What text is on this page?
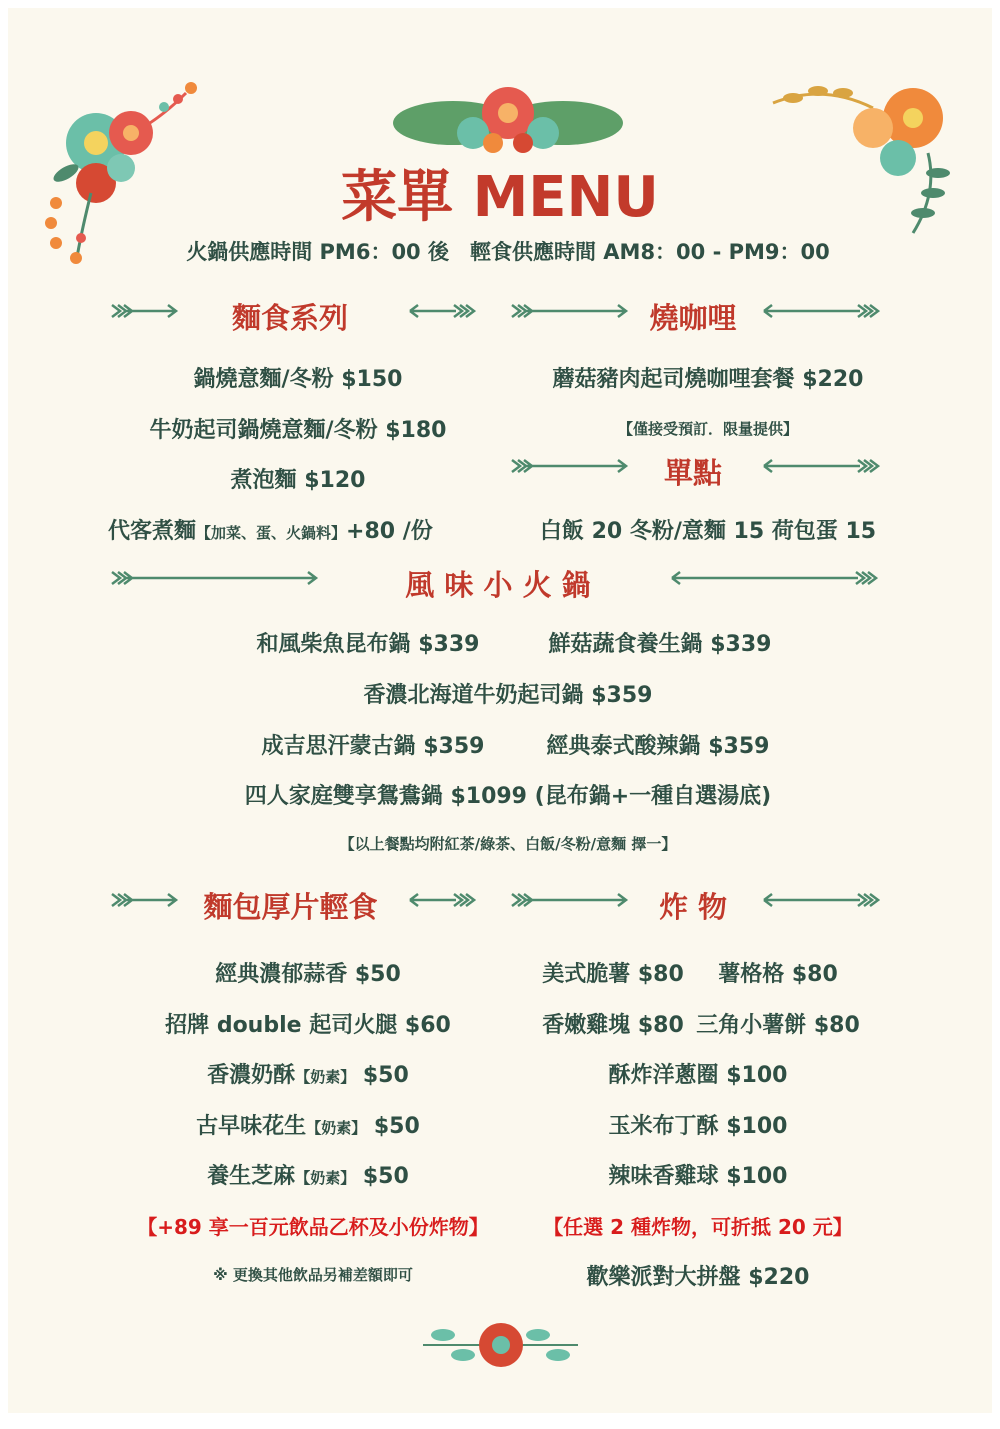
菜單 MENU
火鍋供應時間 PM6：00 後　輕食供應時間 AM8：00 - PM9：00
麵食系列	燒咖哩
鍋燒意麵/冬粉 $150
牛奶起司鍋燒意麵/冬粉 $180
煮泡麵 $120
代客煮麵【加菜、蛋、火鍋料】+80 /份
蘑菇豬肉起司燒咖哩套餐 $220
【僅接受預訂．限量提供】
單點
白飯 20 冬粉/意麵 15 荷包蛋 15
風 味 小 火 鍋
和風柴魚昆布鍋 $339	鮮菇蔬食養生鍋 $339
香濃北海道牛奶起司鍋 $359
成吉思汗蒙古鍋 $359	經典泰式酸辣鍋 $359
四人家庭雙享鴛鴦鍋 $1099 (昆布鍋+一種自選湯底)
【以上餐點均附紅茶/綠茶、白飯/冬粉/意麵 擇一】
麵包厚片輕食	炸 物
經典濃郁蒜香 $50
招牌 double 起司火腿 $60
香濃奶酥【奶素】 $50
古早味花生【奶素】 $50
養生芝麻【奶素】 $50
美式脆薯 $80	薯格格 $80
香嫩雞塊 $80 三角小薯餅 $80
酥炸洋蔥圈 $100
玉米布丁酥 $100
辣味香雞球 $100
【+89 享一百元飲品乙杯及小份炸物】
※ 更換其他飲品另補差額即可
【任選 2 種炸物，可折抵 20 元】
歡樂派對大拼盤 $220
